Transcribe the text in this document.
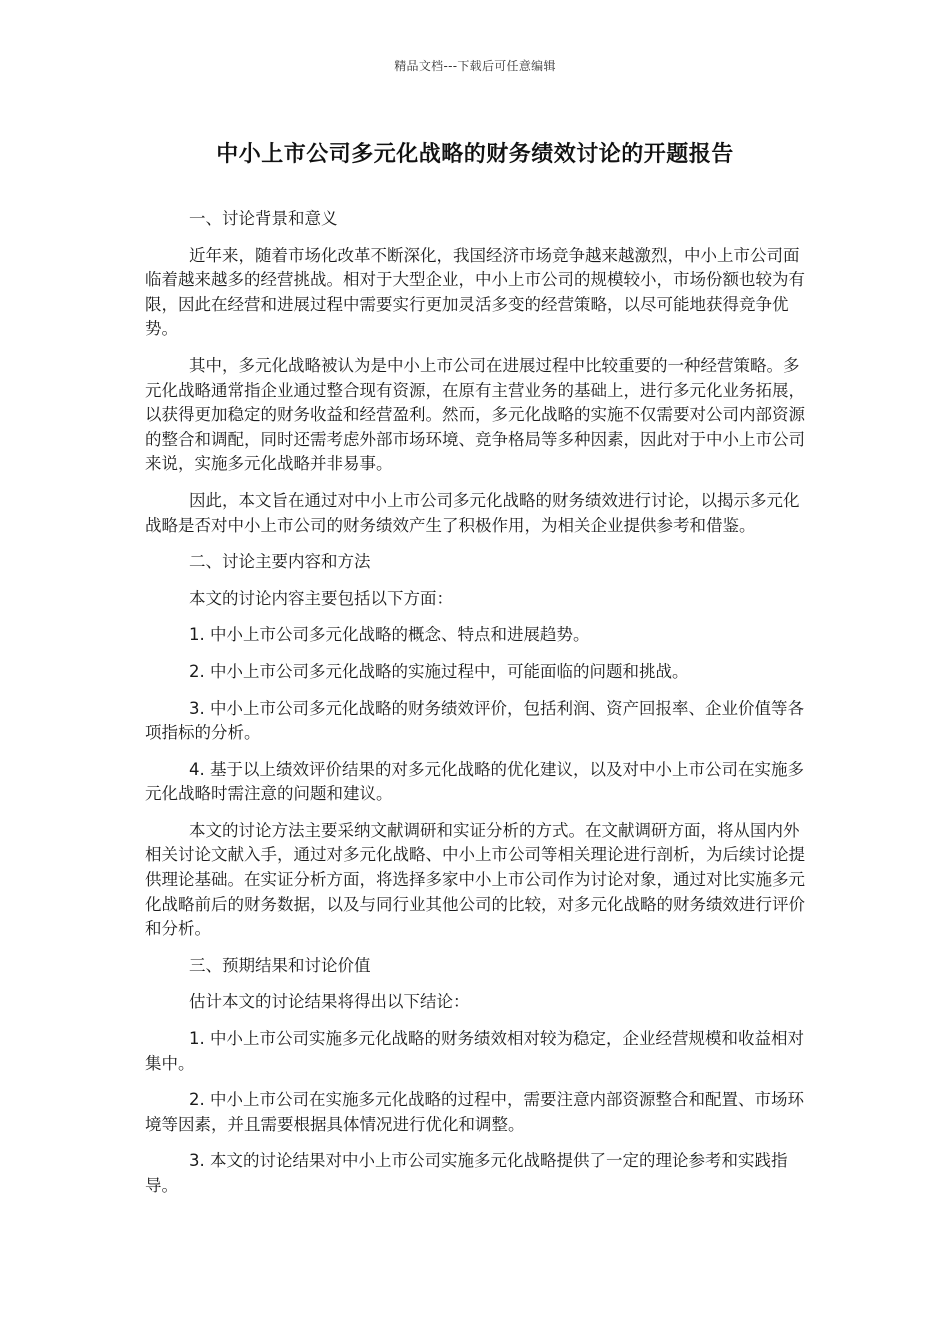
精品文档---下载后可任意编辑
中小上市公司多元化战略的财务绩效讨论的开题报告

一、讨论背景和意义

近年来，随着市场化改革不断深化，我国经济市场竞争越来越激烈，中小上市公司面临着越来越多的经营挑战。相对于大型企业，中小上市公司的规模较小，市场份额也较为有限，因此在经营和进展过程中需要实行更加灵活多变的经营策略，以尽可能地获得竞争优势。

其中，多元化战略被认为是中小上市公司在进展过程中比较重要的一种经营策略。多元化战略通常指企业通过整合现有资源，在原有主营业务的基础上，进行多元化业务拓展，以获得更加稳定的财务收益和经营盈利。然而，多元化战略的实施不仅需要对公司内部资源的整合和调配，同时还需考虑外部市场环境、竞争格局等多种因素，因此对于中小上市公司来说，实施多元化战略并非易事。

因此，本文旨在通过对中小上市公司多元化战略的财务绩效进行讨论，以揭示多元化战略是否对中小上市公司的财务绩效产生了积极作用，为相关企业提供参考和借鉴。

二、讨论主要内容和方法

本文的讨论内容主要包括以下方面：

1. 中小上市公司多元化战略的概念、特点和进展趋势。

2. 中小上市公司多元化战略的实施过程中，可能面临的问题和挑战。

3. 中小上市公司多元化战略的财务绩效评价，包括利润、资产回报率、企业价值等各项指标的分析。

4. 基于以上绩效评价结果的对多元化战略的优化建议，以及对中小上市公司在实施多元化战略时需注意的问题和建议。

本文的讨论方法主要采纳文献调研和实证分析的方式。在文献调研方面，将从国内外相关讨论文献入手，通过对多元化战略、中小上市公司等相关理论进行剖析，为后续讨论提供理论基础。在实证分析方面，将选择多家中小上市公司作为讨论对象，通过对比实施多元化战略前后的财务数据，以及与同行业其他公司的比较，对多元化战略的财务绩效进行评价和分析。

三、预期结果和讨论价值

估计本文的讨论结果将得出以下结论：

1. 中小上市公司实施多元化战略的财务绩效相对较为稳定，企业经营规模和收益相对集中。

2. 中小上市公司在实施多元化战略的过程中，需要注意内部资源整合和配置、市场环境等因素，并且需要根据具体情况进行优化和调整。

3. 本文的讨论结果对中小上市公司实施多元化战略提供了一定的理论参考和实践指导。
